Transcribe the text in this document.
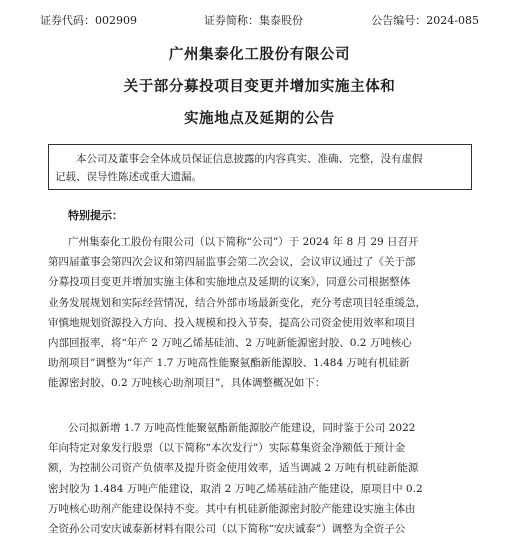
证券代码：002909	证券简称：集泰股份	公告编号：2024-085
广州集泰化工股份有限公司
关于部分募投项目变更并增加实施主体和
实施地点及延期的公告

本公司及董事会全体成员保证信息披露的内容真实、准确、完整，没有虚假

记载、误导性陈述或重大遗漏。
特别提示：
广州集泰化工股份有限公司（以下简称“公司”）于 2024 年 8 月 29 日召开
第四届董事会第四次会议和第四届监事会第二次会议，会议审议通过了《关于部
分募投项目变更并增加实施主体和实施地点及延期的议案》，同意公司根据整体
业务发展规划和实际经营情况，结合外部市场最新变化，充分考虑项目轻重缓急，
审慎地规划资源投入方向、投入规模和投入节奏，提高公司资金使用效率和项目
内部回报率，将“年产 2 万吨乙烯基硅油、2 万吨新能源密封胶、0.2 万吨核心
助剂项目”调整为“年产 1.7 万吨高性能聚氨酯新能源胶、1.484 万吨有机硅新
能源密封胶、0.2 万吨核心助剂项目”，具体调整概况如下：
公司拟新增 1.7 万吨高性能聚氨酯新能源胶产能建设，同时鉴于公司 2022
年向特定对象发行股票（以下简称“本次发行”）实际募集资金净额低于预计金
额，为控制公司资产负债率及提升资金使用效率，适当调减 2 万吨有机硅新能源
密封胶为 1.484 万吨产能建设，取消 2 万吨乙烯基硅油产能建设，原项目中 0.2
万吨核心助剂产能建设保持不变。其中有机硅新能源密封胶产能建设实施主体由
全资孙公司安庆诚泰新材料有限公司（以下简称“安庆诚泰”）调整为全资子公
